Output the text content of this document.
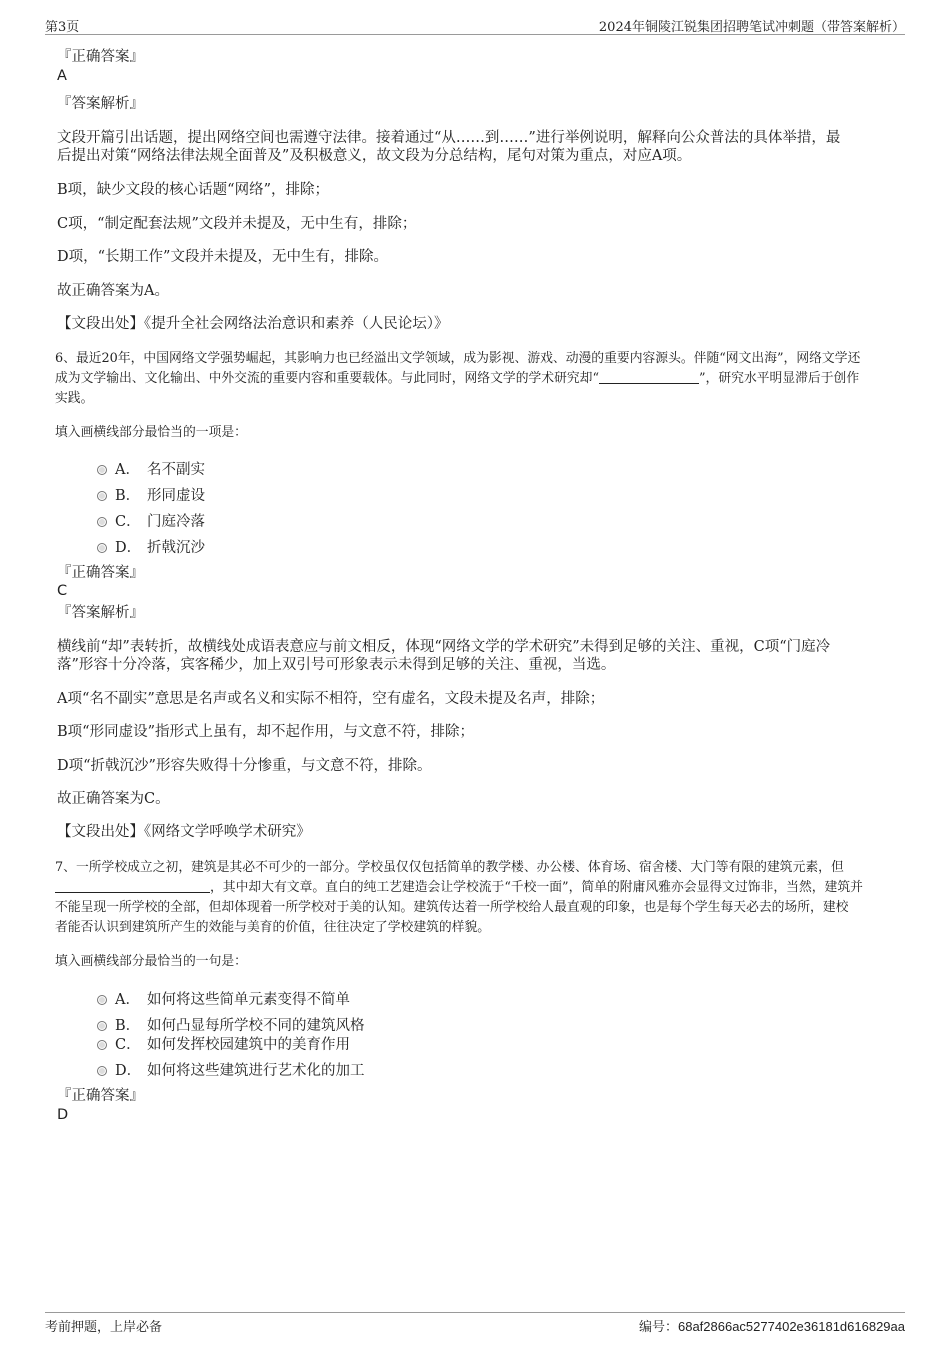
第3页	2024年铜陵江锐集团招聘笔试冲刺题（带答案解析）
『正确答案』
A
『答案解析』
文段开篇引出话题，提出网络空间也需遵守法律。接着通过“从……到……”进行举例说明，解释向公众普法的具体举措，最
后提出对策“网络法律法规全面普及”及积极意义，故文段为分总结构，尾句对策为重点，对应A项。
B项，缺少文段的核心话题“网络”，排除；
C项，“制定配套法规”文段并未提及，无中生有，排除；
D项，“长期工作”文段并未提及，无中生有，排除。
故正确答案为A。
【文段出处】《提升全社会网络法治意识和素养（人民论坛）》
6、最近20年，中国网络文学强势崛起，其影响力也已经溢出文学领域，成为影视、游戏、动漫的重要内容源头。伴随“网文出海”，网络文学还
成为文学输出、文化输出、中外交流的重要内容和重要载体。与此同时，网络文学的学术研究却“	”，研究水平明显滞后于创作
实践。
填入画横线部分最恰当的一项是：
A． 名不副实
B． 形同虚设
C． 门庭冷落
D． 折戟沉沙
『正确答案』
C
『答案解析』
横线前“却”表转折，故横线处成语表意应与前文相反，体现“网络文学的学术研究”未得到足够的关注、重视，C项“门庭冷
落”形容十分冷落，宾客稀少，加上双引号可形象表示未得到足够的关注、重视，当选。
A项“名不副实”意思是名声或名义和实际不相符，空有虚名，文段未提及名声，排除；
B项“形同虚设”指形式上虽有，却不起作用，与文意不符，排除；
D项“折戟沉沙”形容失败得十分惨重，与文意不符，排除。
故正确答案为C。
【文段出处】《网络文学呼唤学术研究》
7、一所学校成立之初，建筑是其必不可少的一部分。学校虽仅仅包括简单的教学楼、办公楼、体育场、宿舍楼、大门等有限的建筑元素，但
，其中却大有文章。直白的纯工艺建造会让学校流于“千校一面”，简单的附庸风雅亦会显得文过饰非，当然，建筑并
不能呈现一所学校的全部，但却体现着一所学校对于美的认知。建筑传达着一所学校给人最直观的印象，也是每个学生每天必去的场所，建校
者能否认识到建筑所产生的效能与美育的价值，往往决定了学校建筑的样貌。
填入画横线部分最恰当的一句是：
A． 如何将这些简单元素变得不简单
B． 如何凸显每所学校不同的建筑风格
C． 如何发挥校园建筑中的美育作用
D． 如何将这些建筑进行艺术化的加工
『正确答案』
D
考前押题，上岸必备	编号：68af2866ac5277402e36181d616829aa
